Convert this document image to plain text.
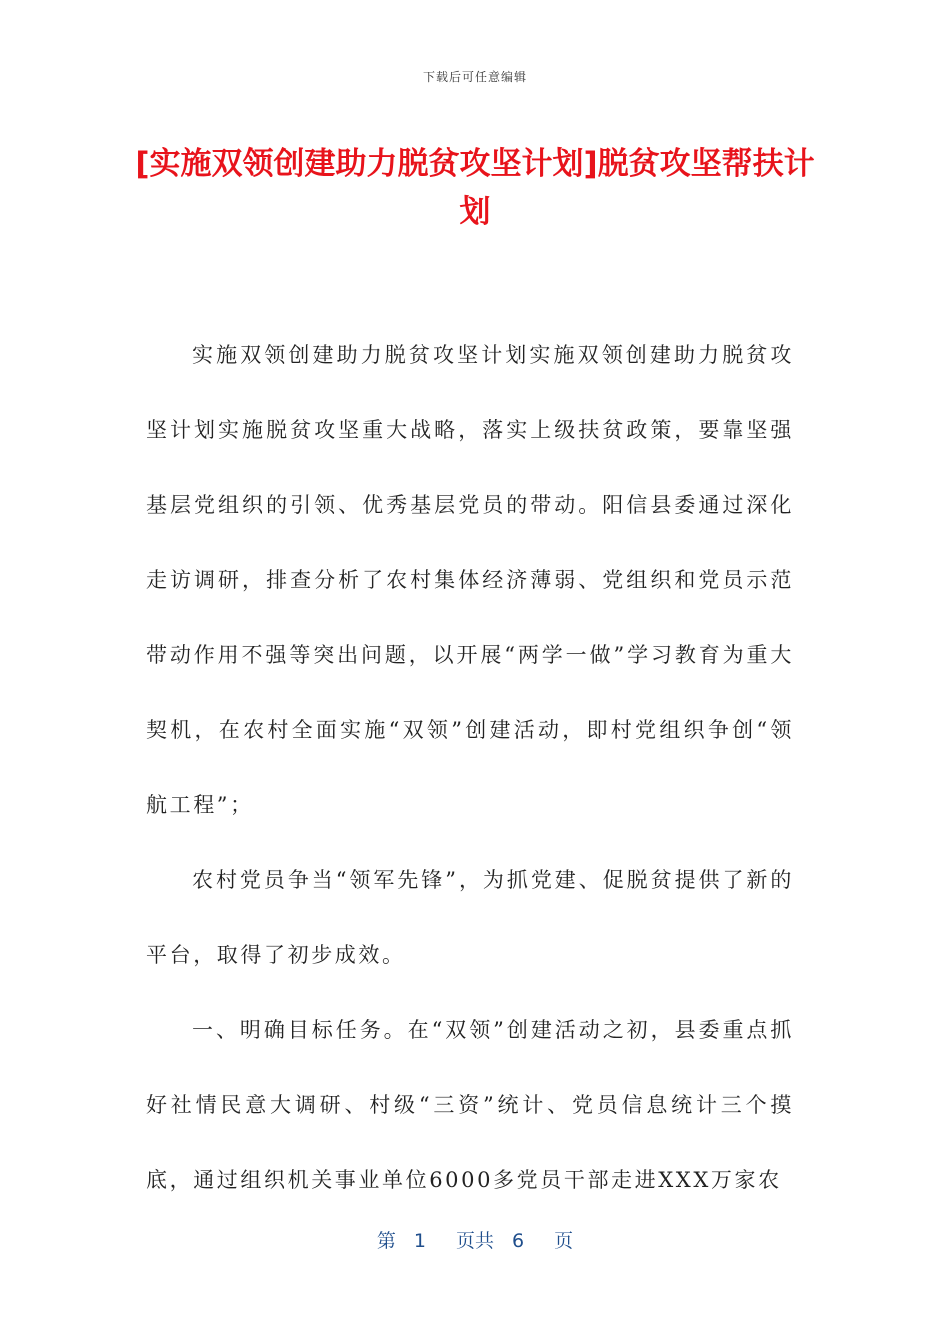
下载后可任意编辑
[实施双领创建助力脱贫攻坚计划]脱贫攻坚帮扶计划

实施双领创建助力脱贫攻坚计划实施双领创建助力脱贫攻坚计划实施脱贫攻坚重大战略，落实上级扶贫政策，要靠坚强基层党组织的引领、优秀基层党员的带动。阳信县委通过深化走访调研，排查分析了农村集体经济薄弱、党组织和党员示范带动作用不强等突出问题，以开展“两学一做”学习教育为重大契机，在农村全面实施“双领”创建活动，即村党组织争创“领航工程”；

农村党员争当“领军先锋”，为抓党建、促脱贫提供了新的平台，取得了初步成效。

一、明确目标任务。在“双领”创建活动之初，县委重点抓好社情民意大调研、村级“三资”统计、党员信息统计三个摸底，通过组织机关事业单位6000多党员干部走进XXX万家农

第 1 页共 6 页
